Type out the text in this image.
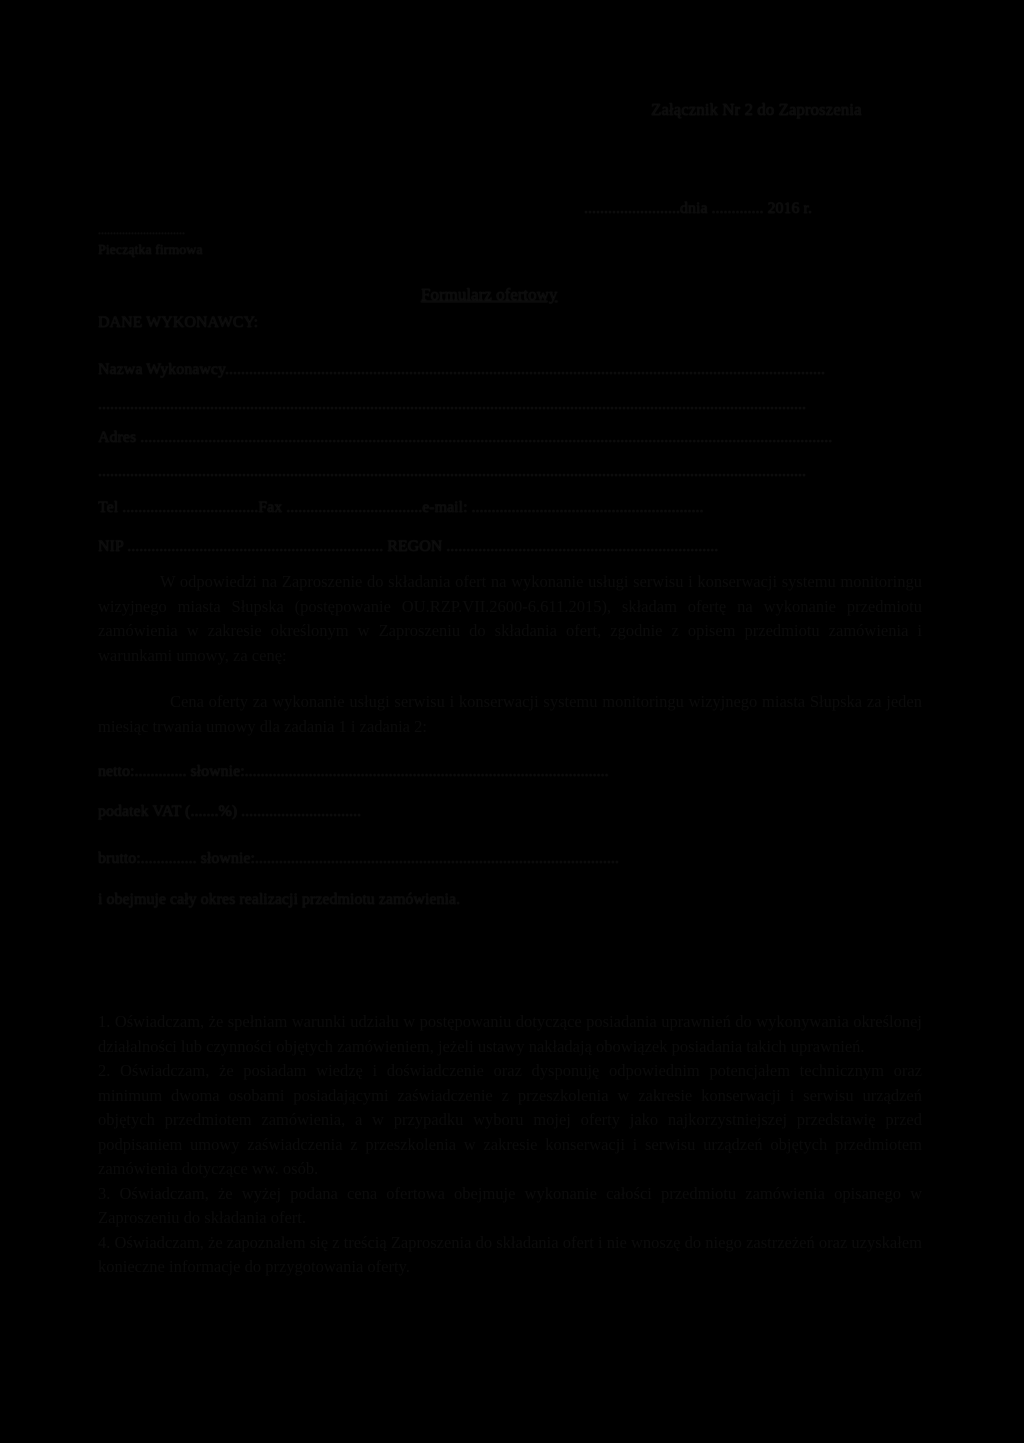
Załącznik Nr 2 do Zaproszenia
........................dnia ............. 2016 r.
.............................
Pieczątka firmowa
Formularz ofertowy
DANE WYKONAWCY:
Nazwa Wykonawcy......................................................................................................................................................
.................................................................................................................................................................................
Adres .............................................................................................................................................................................
.................................................................................................................................................................................
Tel ..................................Fax ..................................e-mail: ..........................................................
NIP ................................................................ REGON ....................................................................
W odpowiedzi na Zaproszenie do składania ofert na wykonanie usługi serwisu i konserwacji systemu monitoringu wizyjnego miasta Słupska (postępowanie OU.RZP.VII.2600-6.611.2015), składam ofertę na wykonanie przedmiotu zamówienia w zakresie określonym w Zaproszeniu do składania ofert, zgodnie z opisem przedmiotu zamówienia i warunkami umowy, za cenę:
Cena oferty za wykonanie usługi serwisu i konserwacji systemu monitoringu wizyjnego miasta Słupska za jeden miesiąc trwania umowy dla zadania 1 i zadania 2:
netto:............. słownie:...........................................................................................
podatek VAT (.......%) ..............................
brutto:.............. słownie:...........................................................................................
i obejmuje cały okres realizacji przedmiotu zamówienia.
1. Oświadczam, że spełniam warunki udziału w postępowaniu dotyczące posiadania uprawnień do wykonywania określonej działalności lub czynności objętych zamówieniem, jeżeli ustawy nakładają obowiązek posiadania takich uprawnień.
2. Oświadczam, że posiadam wiedzę i doświadczenie oraz dysponuję odpowiednim potencjałem technicznym oraz minimum dwoma osobami posiadającymi zaświadczenie z przeszkolenia w zakresie konserwacji i serwisu urządzeń objętych przedmiotem zamówienia, a w przypadku wyboru mojej oferty jako najkorzystniejszej przedstawię przed podpisaniem umowy zaświadczenia z przeszkolenia w zakresie konserwacji i serwisu urządzeń objętych przedmiotem zamówienia dotyczące ww. osób.
3. Oświadczam, że wyżej podana cena ofertowa obejmuje wykonanie całości przedmiotu zamówienia opisanego w Zaproszeniu do składania ofert.
4. Oświadczam, że zapoznałem się z treścią Zaproszenia do składania ofert i nie wnoszę do niego zastrzeżeń oraz uzyskałem konieczne informacje do przygotowania oferty.
